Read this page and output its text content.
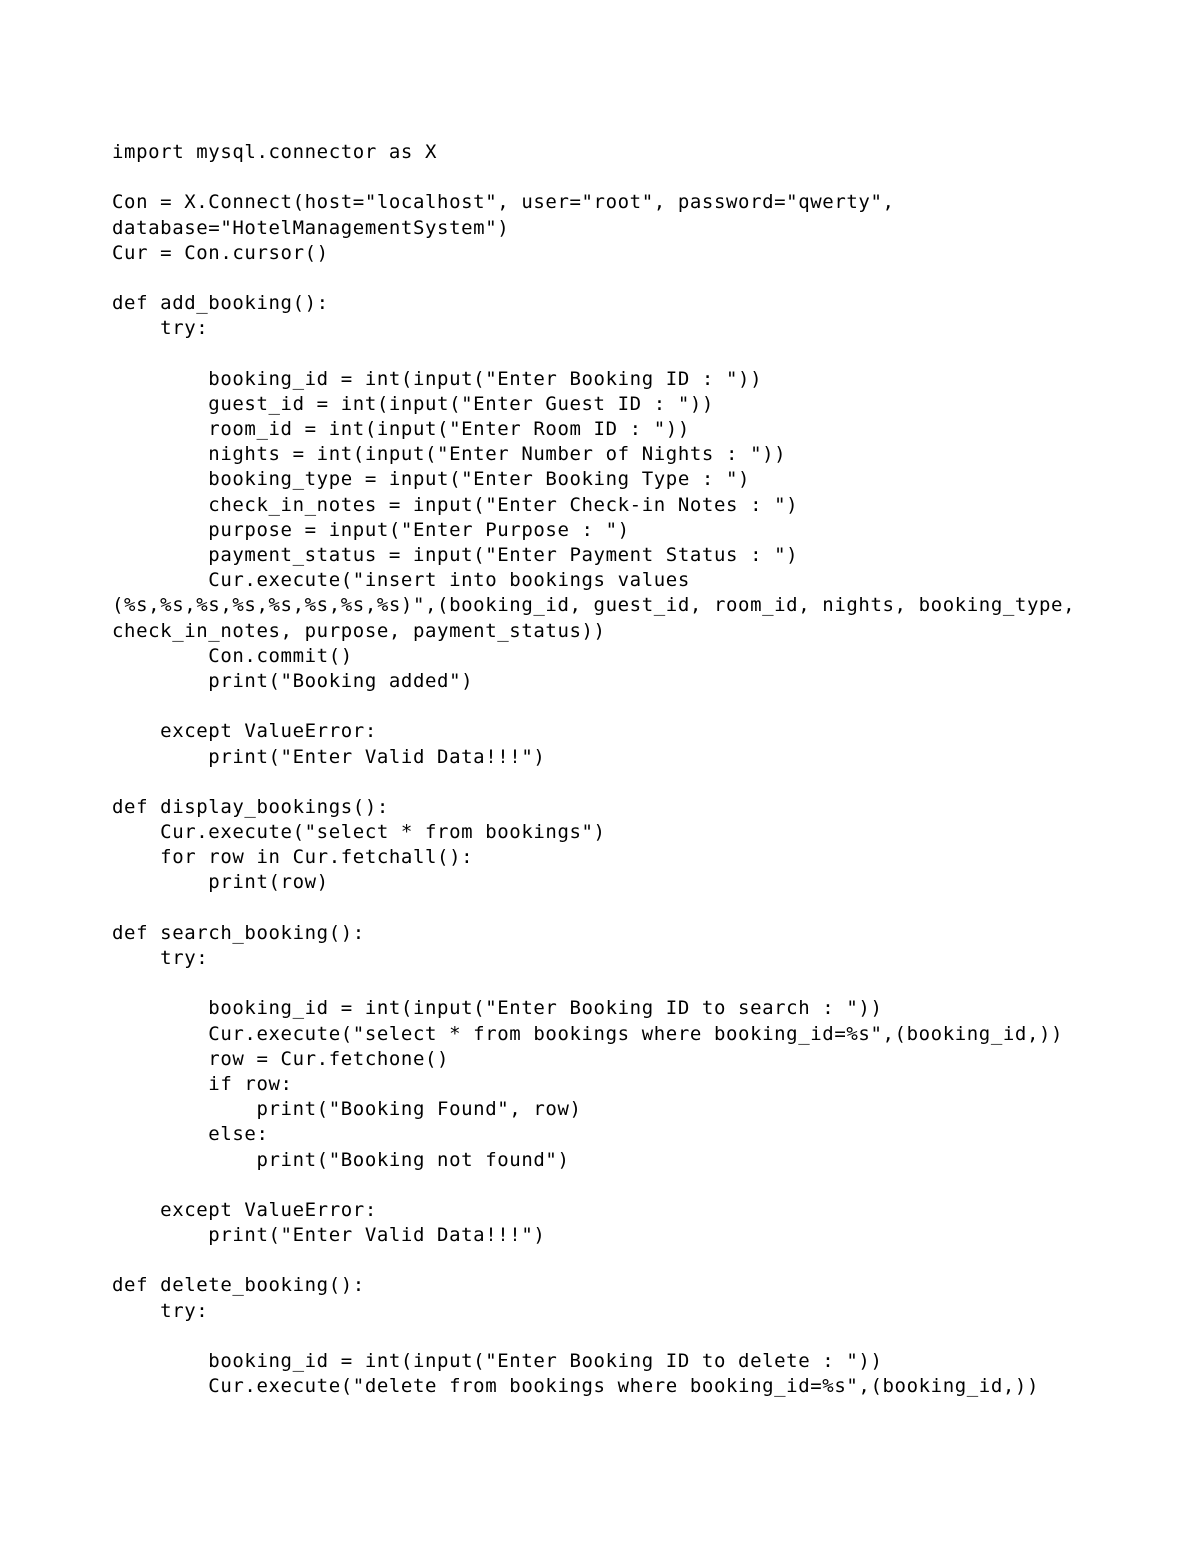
import mysql.connector as X
Con = X.Connect(host="localhost", user="root", password="qwerty",
database="HotelManagementSystem")
Cur = Con.cursor()
def add_booking():
try:
booking_id = int(input("Enter Booking ID : "))
guest_id = int(input("Enter Guest ID : "))
room_id = int(input("Enter Room ID : "))
nights = int(input("Enter Number of Nights : "))
booking_type = input("Enter Booking Type : ")
check_in_notes = input("Enter Check-in Notes : ")
purpose = input("Enter Purpose : ")
payment_status = input("Enter Payment Status : ")
Cur.execute("insert into bookings values
(%s,%s,%s,%s,%s,%s,%s,%s)",(booking_id, guest_id, room_id, nights, booking_type,
check_in_notes, purpose, payment_status))
Con.commit()
print("Booking added")
except ValueError:
print("Enter Valid Data!!!")
def display_bookings():
Cur.execute("select * from bookings")
for row in Cur.fetchall():
print(row)
def search_booking():
try:
booking_id = int(input("Enter Booking ID to search : "))
Cur.execute("select * from bookings where booking_id=%s",(booking_id,))
row = Cur.fetchone()
if row:
print("Booking Found", row)
else:
print("Booking not found")
except ValueError:
print("Enter Valid Data!!!")
def delete_booking():
try:
booking_id = int(input("Enter Booking ID to delete : "))
Cur.execute("delete from bookings where booking_id=%s",(booking_id,))
